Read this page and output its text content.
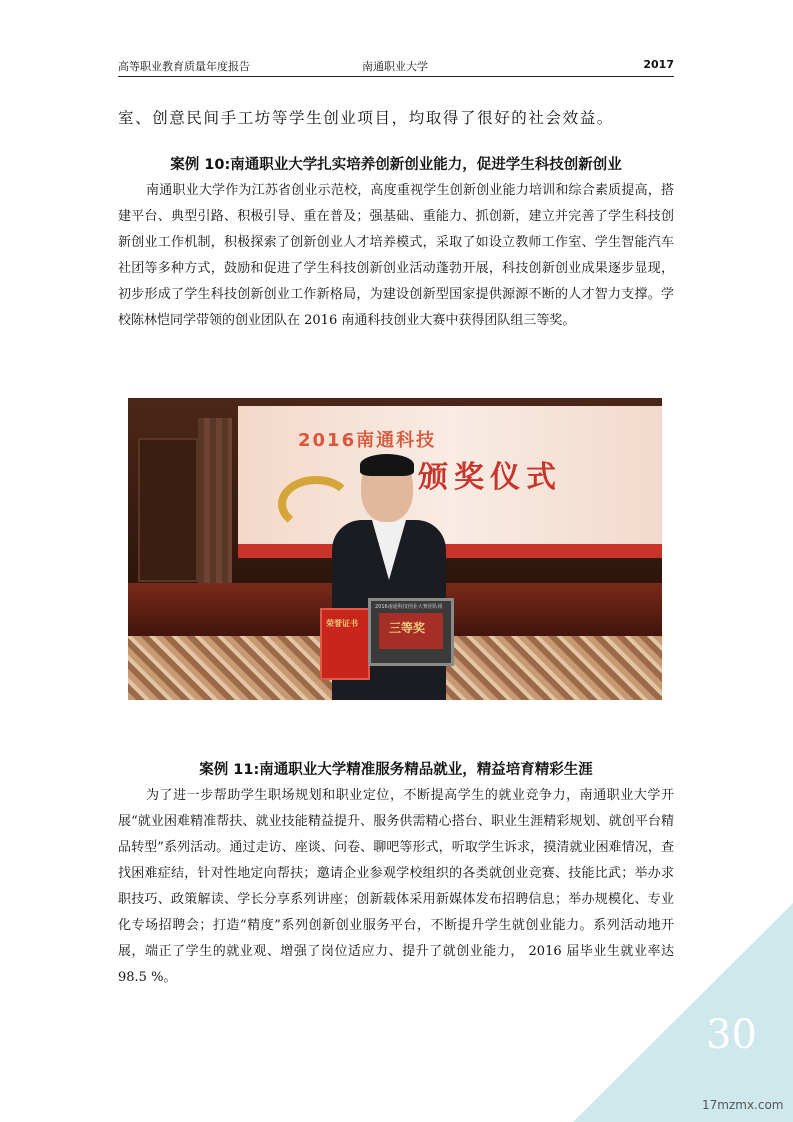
高等职业教育质量年度报告	南通职业大学	2017

室、创意民间手工坊等学生创业项目，均取得了很好的社会效益。

案例 10:南通职业大学扎实培养创新创业能力，促进学生科技创新创业

南通职业大学作为江苏省创业示范校，高度重视学生创新创业能力培训和综合素质提高，搭建平台、典型引路、积极引导、重在普及；强基础、重能力、抓创新，建立并完善了学生科技创新创业工作机制，积极探索了创新创业人才培养模式，采取了如设立教师工作室、学生智能汽车社团等多种方式，鼓励和促进了学生科技创新创业活动蓬勃开展，科技创新创业成果逐步显现，初步形成了学生科技创新创业工作新格局，为建设创新型国家提供源源不断的人才智力支撑。学校陈林恺同学带领的创业团队在 2016 南通科技创业大赛中获得团队组三等奖。

2016南通科技
颁奖仪式
荣誉证书
2016南通科技创业大赛团队组
三等奖
案例 11:南通职业大学精准服务精品就业，精益培育精彩生涯

为了进一步帮助学生职场规划和职业定位，不断提高学生的就业竞争力，南通职业大学开展“就业困难精准帮扶、就业技能精益提升、服务供需精心搭台、职业生涯精彩规划、就创平台精品转型”系列活动。通过走访、座谈、问卷、聊吧等形式，听取学生诉求，摸清就业困难情况，查找困难症结，针对性地定向帮扶；邀请企业参观学校组织的各类就创业竞赛、技能比武；举办求职技巧、政策解读、学长分享系列讲座；创新载体采用新媒体发布招聘信息；举办规模化、专业化专场招聘会；打造“精度”系列创新创业服务平台，不断提升学生就创业能力。系列活动地开展，端正了学生的就业观、增强了岗位适应力、提升了就创业能力， 2016 届毕业生就业率达 98.5 %。

30
17mzmx.com
